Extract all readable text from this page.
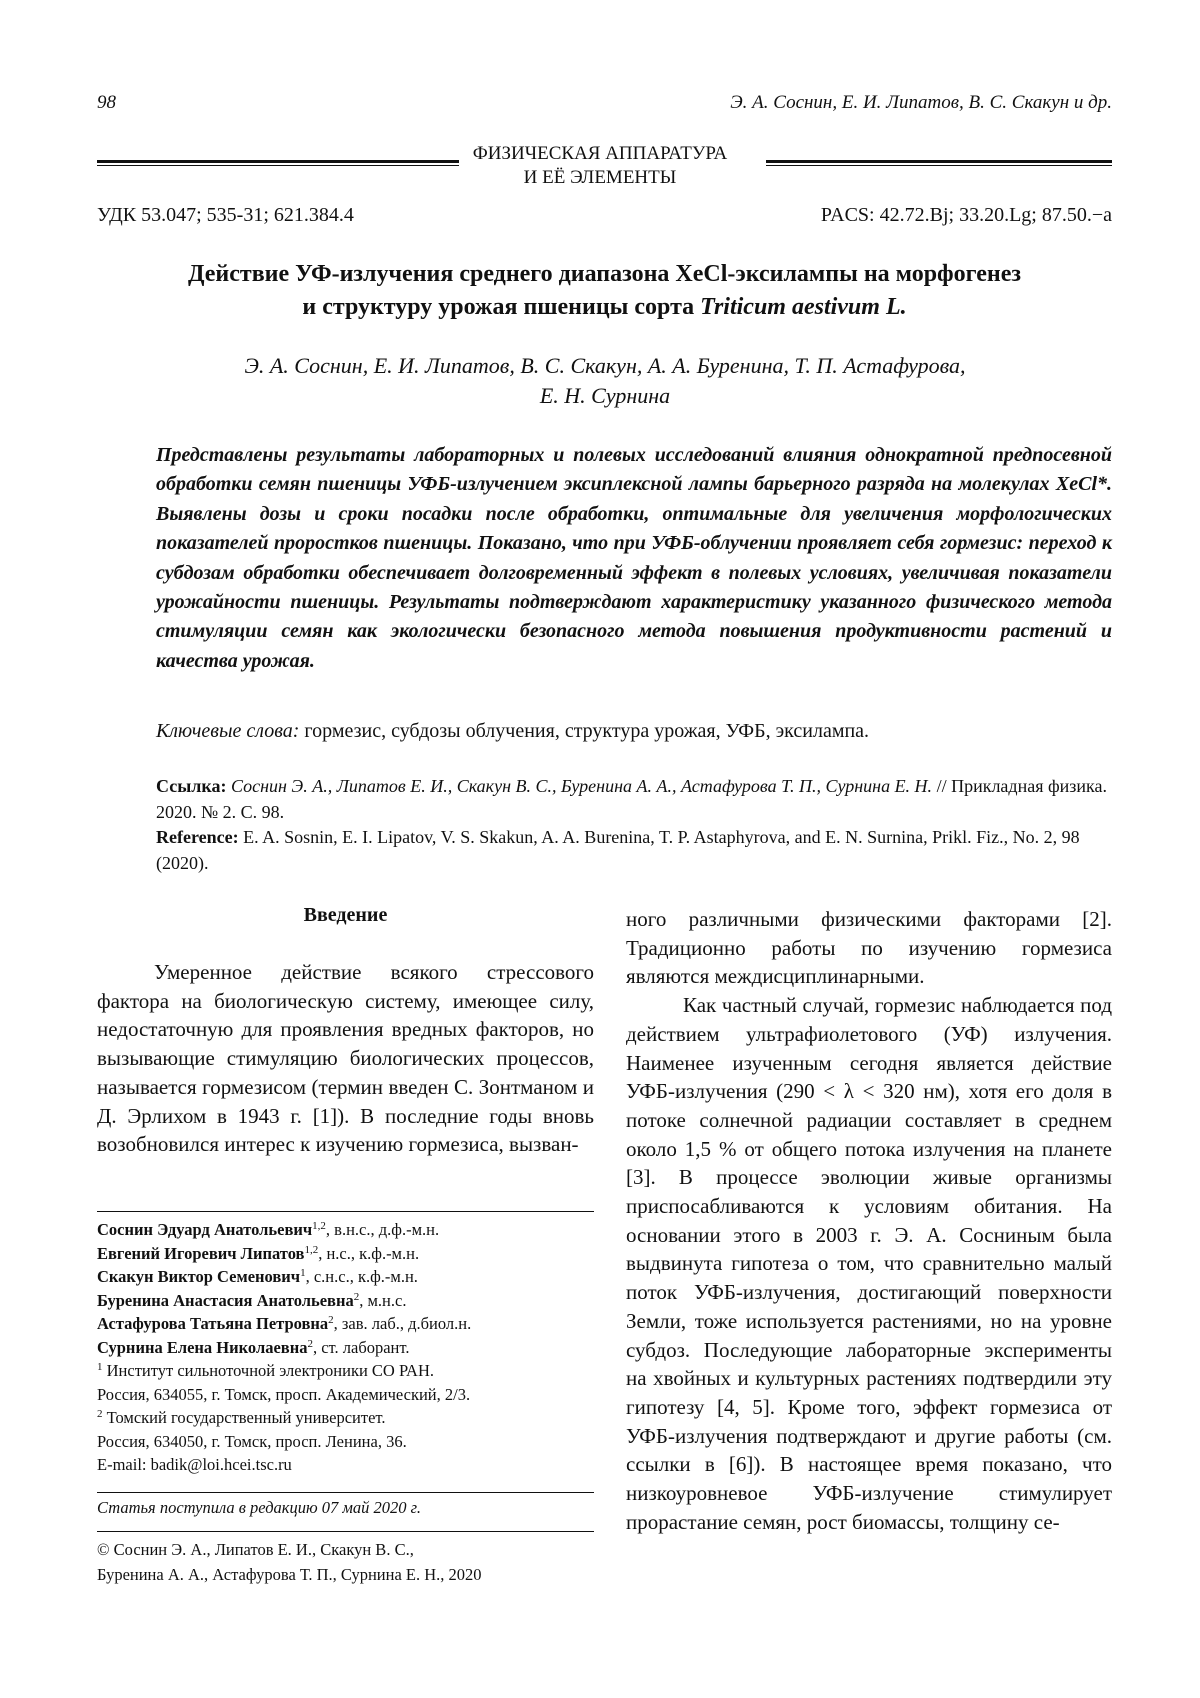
98	Э. А. Соснин, Е. И. Липатов, В. С. Скакун и др.
ФИЗИЧЕСКАЯ АППАРАТУРА
И ЕЁ ЭЛЕМЕНТЫ
УДК 53.047; 535-31; 621.384.4	PACS: 42.72.Bj; 33.20.Lg; 87.50.−a
Действие УФ-излучения среднего диапазона XeCl-эксилампы на морфогенез
и структуру урожая пшеницы сорта Triticum aestivum L.
Э. А. Соснин, Е. И. Липатов, В. С. Скакун, А. А. Буренина, Т. П. Астафурова,
Е. Н. Сурнина
Представлены результаты лабораторных и полевых исследований влияния однократной предпосевной обработки семян пшеницы УФБ-излучением эксиплексной лампы барьерного разряда на молекулах XeCl*. Выявлены дозы и сроки посадки после обработки, оптимальные для увеличения морфологических показателей проростков пшеницы. Показано, что при УФБ-облучении проявляет себя гормезис: переход к субдозам обработки обеспечивает долговременный эффект в полевых условиях, увеличивая показатели урожайности пшеницы. Результаты подтверждают характеристику указанного физического метода стимуляции семян как экологически безопасного метода повышения продуктивности растений и качества урожая.
Ключевые слова: гормезис, субдозы облучения, структура урожая, УФБ, эксилампа.
Ссылка: Соснин Э. А., Липатов Е. И., Скакун В. С., Буренина А. А., Астафурова Т. П., Сурнина Е. Н. // Прикладная физика. 2020. № 2. С. 98.
Reference: E. A. Sosnin, E. I. Lipatov, V. S. Skakun, A. A. Burenina, T. P. Astaphyrova, and E. N. Surnina, Prikl. Fiz., No. 2, 98 (2020).
Введение
Умеренное действие всякого стрессового фактора на биологическую систему, имеющее силу, недостаточную для проявления вредных факторов, но вызывающие стимуляцию биологических процессов, называется гормезисом (термин введен С. Зонтманом и Д. Эрлихом в 1943 г. [1]). В последние годы вновь возобновился интерес к изучению гормезиса, вызван-

ного различными физическими факторами [2]. Традиционно работы по изучению гормезиса являются междисциплинарными.

Как частный случай, гормезис наблюдается под действием ультрафиолетового (УФ) излучения. Наименее изученным сегодня является действие УФБ-излучения (290 < λ < 320 нм), хотя его доля в потоке солнечной радиации составляет в среднем около 1,5 % от общего потока излучения на планете [3]. В процессе эволюции живые организмы приспосабливаются к условиям обитания. На основании этого в 2003 г. Э. А. Сосниным была выдвинута гипотеза о том, что сравнительно малый поток УФБ-излучения, достигающий поверхности Земли, тоже используется растениями, но на уровне субдоз. Последующие лабораторные эксперименты на хвойных и культурных растениях подтвердили эту гипотезу [4, 5]. Кроме того, эффект гормезиса от УФБ-излучения подтверждают и другие работы (см. ссылки в [6]). В настоящее время показано, что низкоуровневое УФБ-излучение стимулирует прорастание семян, рост биомассы, толщину се-

Соснин Эдуард Анатольевич$^{1,2}$, в.н.с., д.ф.-м.н.
Евгений Игоревич Липатов$^{1,2}$, н.с., к.ф.-м.н.
Скакун Виктор Семенович$^1$, с.н.с., к.ф.-м.н.
Буренина Анастасия Анатольевна$^2$, м.н.с.
Астафурова Татьяна Петровна$^2$, зав. лаб., д.биол.н.
Сурнина Елена Николаевна$^2$, ст. лаборант.
$^1$ Институт сильноточной электроники СО РАН.
Россия, 634055, г. Томск, просп. Академический, 2/3.
$^2$ Томский государственный университет.
Россия, 634050, г. Томск, просп. Ленина, 36.
E-mail: badik@loi.hcei.tsc.ru
Статья поступила в редакцию 07 май 2020 г.
© Соснин Э. А., Липатов Е. И., Скакун В. С.,
Буренина А. А., Астафурова Т. П., Сурнина Е. Н., 2020
